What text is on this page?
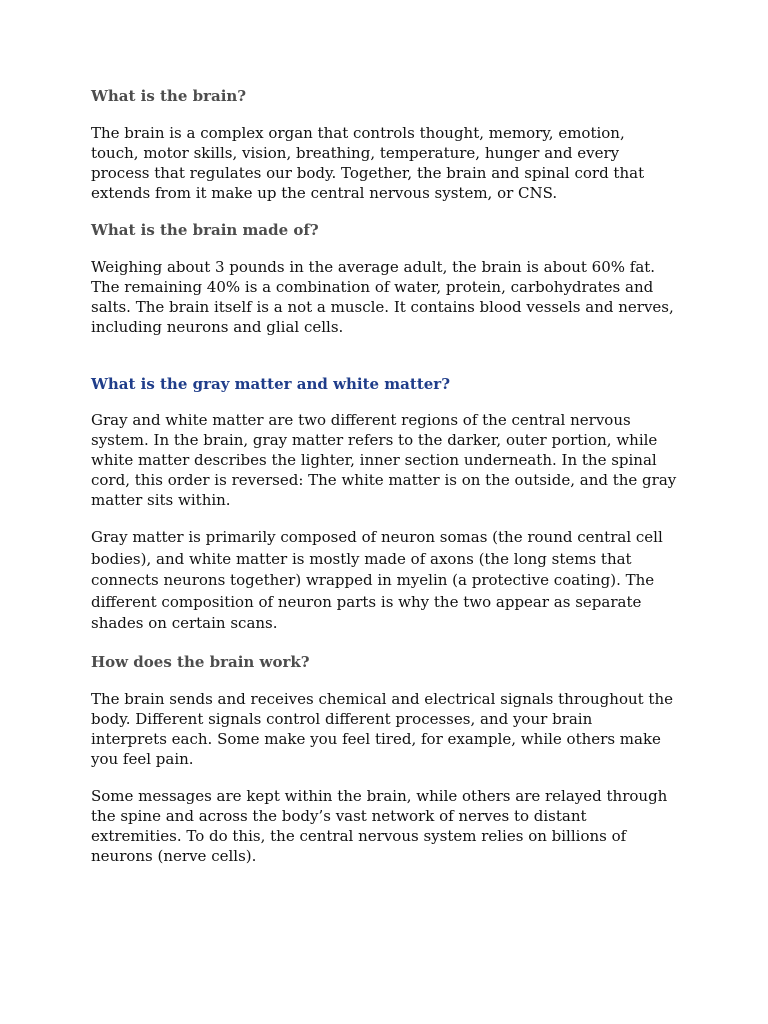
What is the brain?

The brain is a complex organ that controls thought, memory, emotion,
touch, motor skills, vision, breathing, temperature, hunger and every
process that regulates our body. Together, the brain and spinal cord that
extends from it make up the central nervous system, or CNS.

What is the brain made of?

Weighing about 3 pounds in the average adult, the brain is about 60% fat.
The remaining 40% is a combination of water, protein, carbohydrates and
salts. The brain itself is a not a muscle. It contains blood vessels and nerves,
including neurons and glial cells.

What is the gray matter and white matter?

Gray and white matter are two different regions of the central nervous
system. In the brain, gray matter refers to the darker, outer portion, while
white matter describes the lighter, inner section underneath. In the spinal
cord, this order is reversed: The white matter is on the outside, and the gray
matter sits within.

Gray matter is primarily composed of neuron somas (the round central cell
bodies), and white matter is mostly made of axons (the long stems that
connects neurons together) wrapped in myelin (a protective coating). The
different composition of neuron parts is why the two appear as separate
shades on certain scans.

How does the brain work?

The brain sends and receives chemical and electrical signals throughout the
body. Different signals control different processes, and your brain
interprets each. Some make you feel tired, for example, while others make
you feel pain.

Some messages are kept within the brain, while others are relayed through
the spine and across the body’s vast network of nerves to distant
extremities. To do this, the central nervous system relies on billions of
neurons (nerve cells).
